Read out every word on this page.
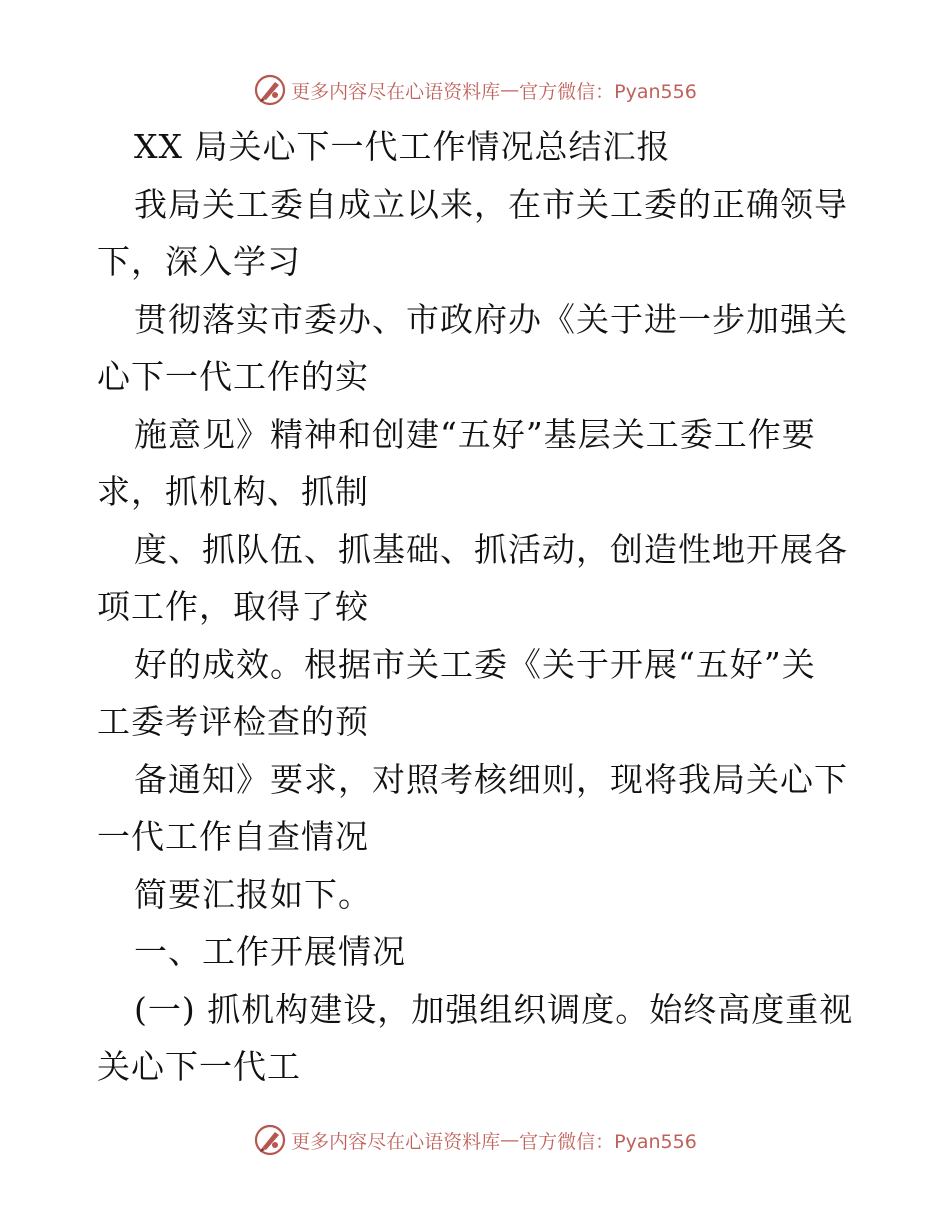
更多内容尽在心语资料库 — 官方微信：Pyan556
XX 局关心下一代工作情况总结汇报
我局关工委自成立以来，在市关工委的正确领导
下，深入学习
贯彻落实市委办、市政府办《关于进一步加强关
心下一代工作的实
施意见》精神和创建“五好”基层关工委工作要
求，抓机构、抓制
度、抓队伍、抓基础、抓活动，创造性地开展各
项工作，取得了较
好的成效。根据市关工委《关于开展“五好”关
工委考评检查的预
备通知》要求，对照考核细则，现将我局关心下
一代工作自查情况
简要汇报如下。
一、工作开展情况
(一) 抓机构建设，加强组织调度。始终高度重视
关心下一代工
更多内容尽在心语资料库 — 官方微信：Pyan556
